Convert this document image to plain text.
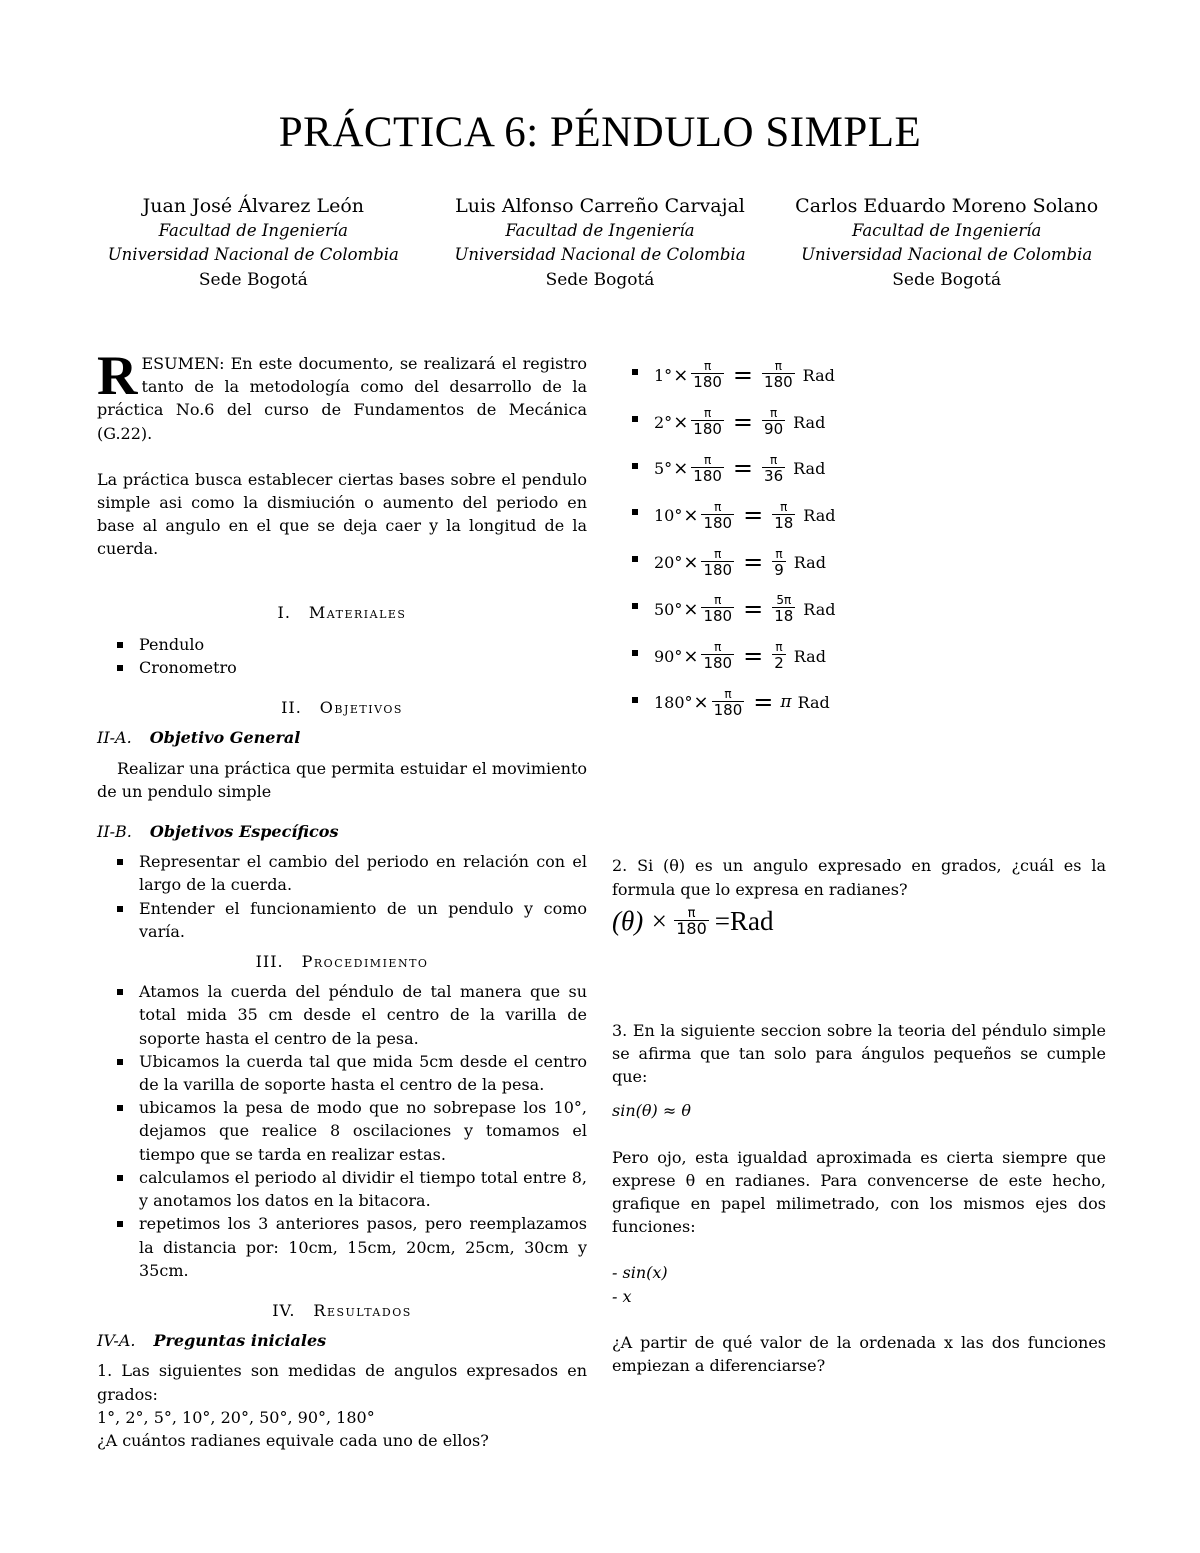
PRÁCTICA 6: PÉNDULO SIMPLE
Juan José Álvarez León
Facultad de Ingeniería
Universidad Nacional de Colombia
Sede Bogotá
Luis Alfonso Carreño Carvajal
Facultad de Ingeniería
Universidad Nacional de Colombia
Sede Bogotá
Carlos Eduardo Moreno Solano
Facultad de Ingeniería
Universidad Nacional de Colombia
Sede Bogotá
RESUMEN: En este documento, se realizará el registro tanto de la metodología como del desarrollo de la práctica No.6 del curso de Fundamentos de Mecánica (G.22).
La práctica busca establecer ciertas bases sobre el pendulo simple asi como la dismiución o aumento del periodo en base al angulo en el que se deja caer y la longitud de la cuerda.
I. Materiales
Pendulo
Cronometro
II. Objetivos
II-A. Objetivo General
Realizar una práctica que permita estuidar el movimiento de un pendulo simple
II-B. Objetivos Específicos
Representar el cambio del periodo en relación con el largo de la cuerda.
Entender el funcionamiento de un pendulo y como varía.
III. Procedimiento
Atamos la cuerda del péndulo de tal manera que su total mida 35 cm desde el centro de la varilla de soporte hasta el centro de la pesa.
Ubicamos la cuerda tal que mida 5cm desde el centro de la varilla de soporte hasta el centro de la pesa.
ubicamos la pesa de modo que no sobrepase los 10°, dejamos que realice 8 oscilaciones y tomamos el tiempo que se tarda en realizar estas.
calculamos el periodo al dividir el tiempo total entre 8, y anotamos los datos en la bitacora.
repetimos los 3 anteriores pasos, pero reemplazamos la distancia por: 10cm, 15cm, 20cm, 25cm, 30cm y 35cm.
IV. Resultados
IV-A. Preguntas iniciales
1. Las siguientes son medidas de angulos expresados en grados:
1°, 2°, 5°, 10°, 20°, 50°, 90°, 180°
¿A cuántos radianes equivale cada uno de ellos?
$1^\circ \times \frac{\pi}{180} = \frac{\pi}{180}$ Rad
$2^\circ \times \frac{\pi}{180} = \frac{\pi}{90}$ Rad
$5^\circ \times \frac{\pi}{180} = \frac{\pi}{36}$ Rad
$10^\circ \times \frac{\pi}{180} = \frac{\pi}{18}$ Rad
$20^\circ \times \frac{\pi}{180} = \frac{\pi}{9}$ Rad
$50^\circ \times \frac{\pi}{180} = \frac{5\pi}{18}$ Rad
$90^\circ \times \frac{\pi}{180} = \frac{\pi}{2}$ Rad
$180^\circ \times \frac{\pi}{180} = \pi$ Rad
2. Si (θ) es un angulo expresado en grados, ¿cuál es la formula que lo expresa en radianes?
$(\theta) \times \frac{\pi}{180} =Rad$
3. En la siguiente seccion sobre la teoria del péndulo simple se afirma que tan solo para ángulos pequeños se cumple que:
sin(θ) ≈ θ
Pero ojo, esta igualdad aproximada es cierta siempre que exprese θ en radianes. Para convencerse de este hecho, grafique en papel milimetrado, con los mismos ejes dos funciones:
- sin(x)
- x
¿A partir de qué valor de la ordenada x las dos funciones empiezan a diferenciarse?
